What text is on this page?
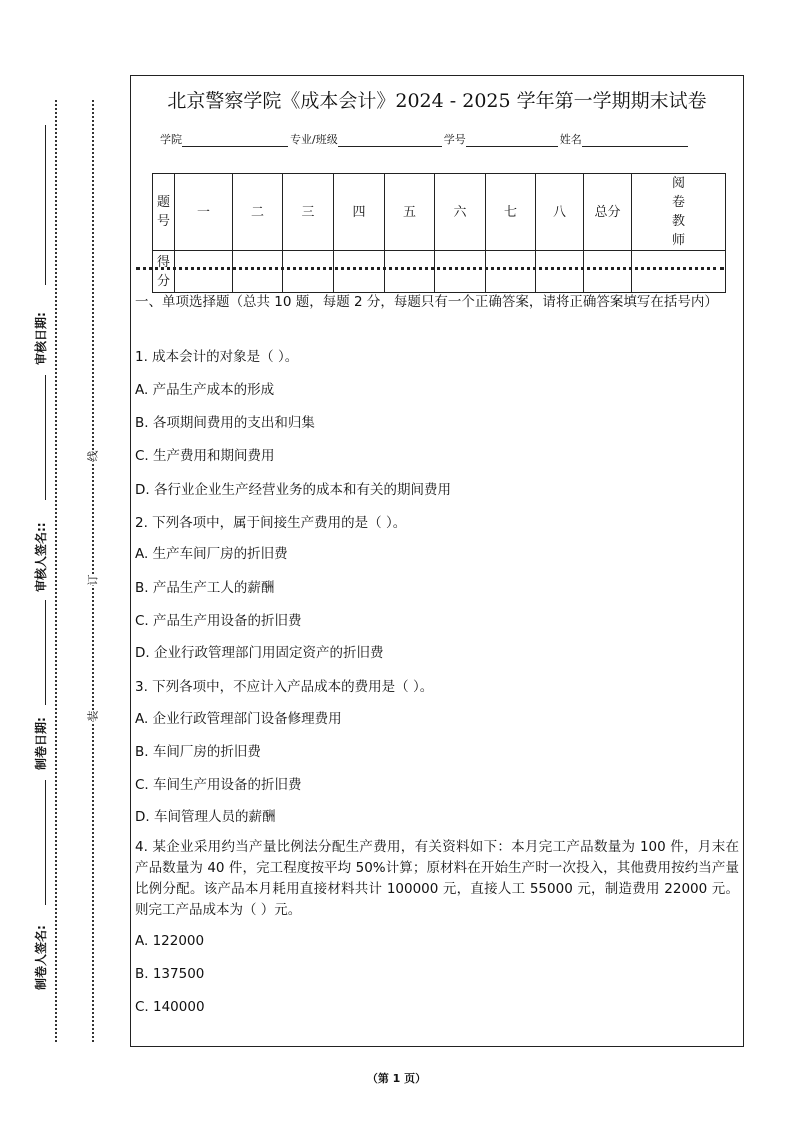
审核日期:
审核人签名::
制卷日期:
制卷人签名:
线
订
装
北京警察学院《成本会计》2024 - 2025 学年第一学期期末试卷
学院	专业/班级	学号	姓名
题号	一	二	三	四	五	六	七	八	总分	阅卷教师
得分										
一、单项选择题（总共 10 题，每题 2 分，每题只有一个正确答案，请将正确答案填写在括号内）
1. 成本会计的对象是（ ）。
A. 产品生产成本的形成
B. 各项期间费用的支出和归集
C. 生产费用和期间费用
D. 各行业企业生产经营业务的成本和有关的期间费用
2. 下列各项中，属于间接生产费用的是（ ）。
A. 生产车间厂房的折旧费
B. 产品生产工人的薪酬
C. 产品生产用设备的折旧费
D. 企业行政管理部门用固定资产的折旧费
3. 下列各项中，不应计入产品成本的费用是（ ）。
A. 企业行政管理部门设备修理费用
B. 车间厂房的折旧费
C. 车间生产用设备的折旧费
D. 车间管理人员的薪酬
4. 某企业采用约当产量比例法分配生产费用，有关资料如下：本月完工产品数量为 100 件，月末在产品数量为 40 件，完工程度按平均 50%计算；原材料在开始生产时一次投入，其他费用按约当产量比例分配。该产品本月耗用直接材料共计 100000 元，直接人工 55000 元，制造费用 22000 元。则完工产品成本为（ ）元。
A. 122000
B. 137500
C. 140000
（第 1 页）
